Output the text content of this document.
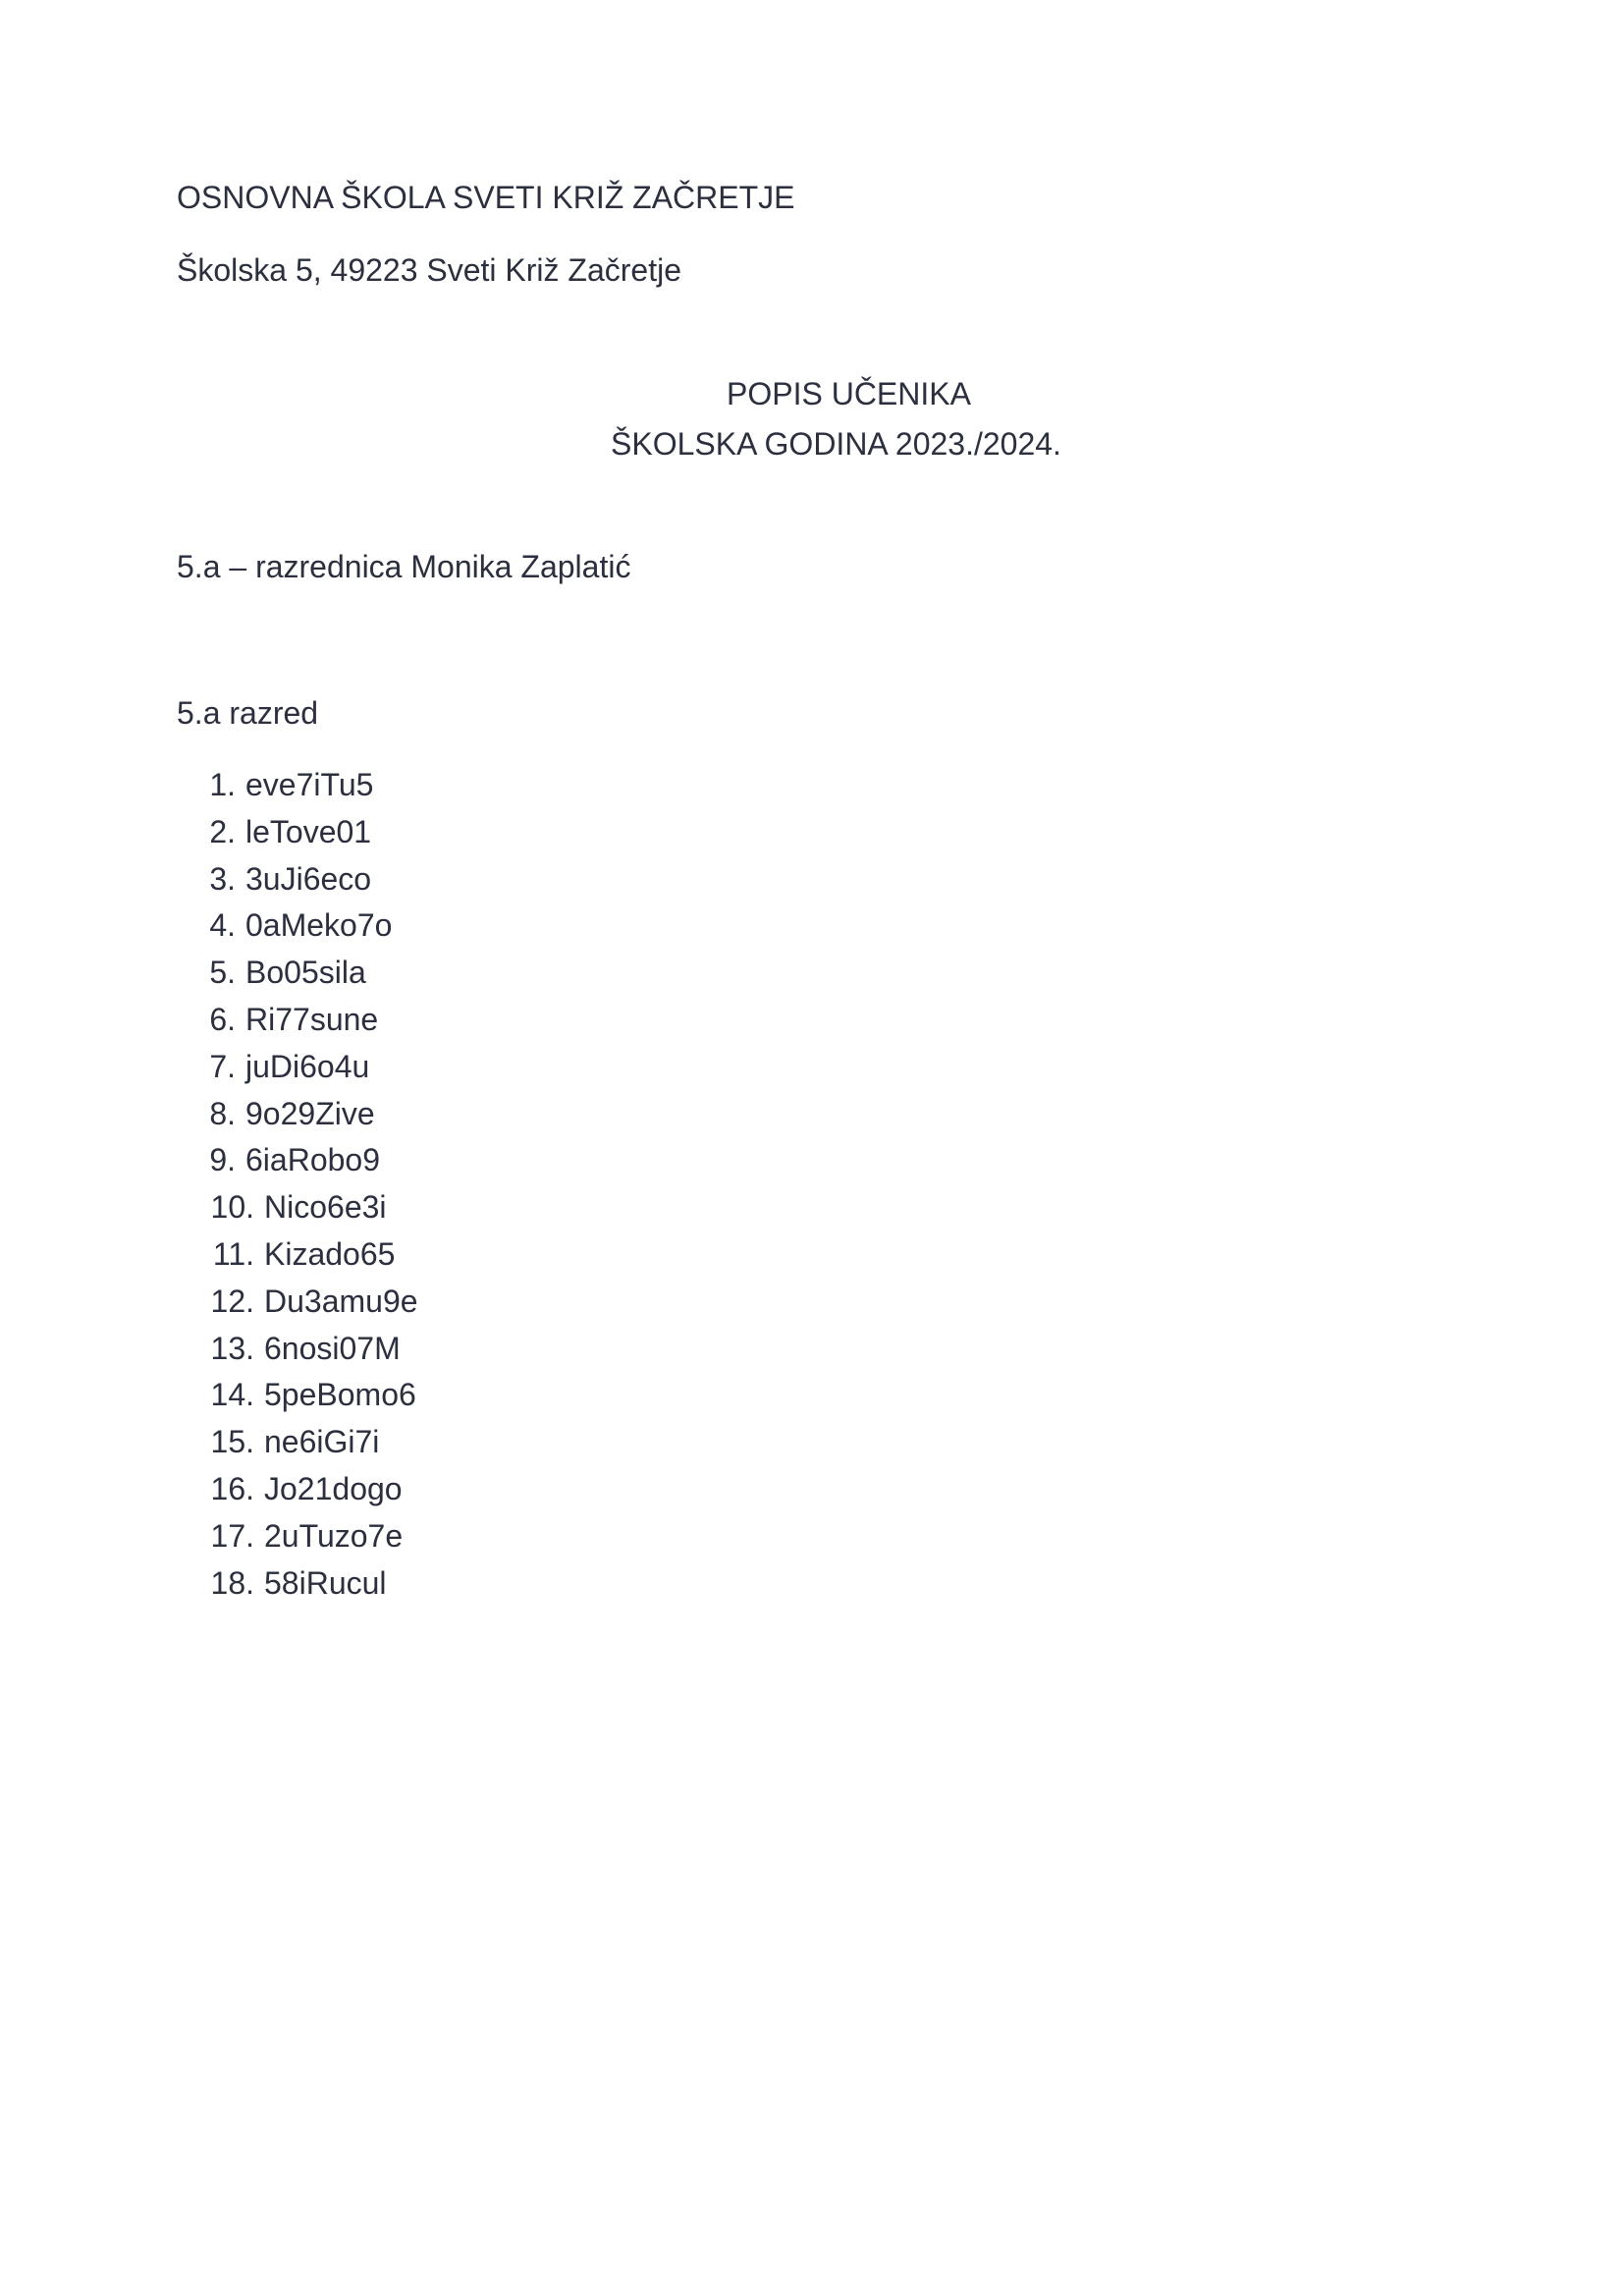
OSNOVNA ŠKOLA SVETI KRIŽ ZAČRETJE

Školska 5, 49223 Sveti Križ Začretje

POPIS UČENIKA

ŠKOLSKA GODINA 2023./2024.

5.a – razrednica Monika Zaplatić

5.a razred

1. eve7iTu5
2. leTove01
3. 3uJi6eco
4. 0aMeko7o
5. Bo05sila
6. Ri77sune
7. juDi6o4u
8. 9o29Zive
9. 6iaRobo9
10. Nico6e3i
11. Kizado65
12. Du3amu9e
13. 6nosi07M
14. 5peBomo6
15. ne6iGi7i
16. Jo21dogo
17. 2uTuzo7e
18. 58iRucul
